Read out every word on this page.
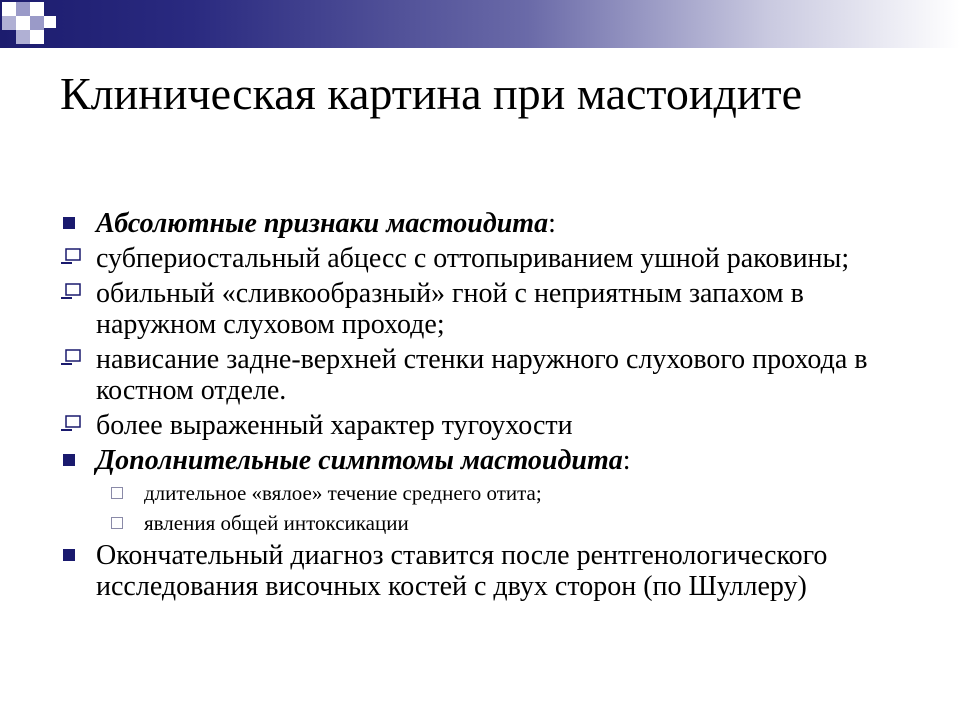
Клиническая картина при мастоидите
Абсолютные признаки мастоидита:
субпериостальный абцесс с оттопыриванием ушной раковины;
обильный «сливкообразный» гной с неприятным запахом в наружном слуховом проходе;
нависание задне-верхней стенки наружного слухового прохода в костном отделе.
более выраженный характер тугоухости
Дополнительные симптомы мастоидита:
длительное «вялое» течение среднего отита;
явления общей интоксикации
Окончательный диагноз ставится после рентгенологического исследования височных костей с двух сторон (по Шуллеру)
